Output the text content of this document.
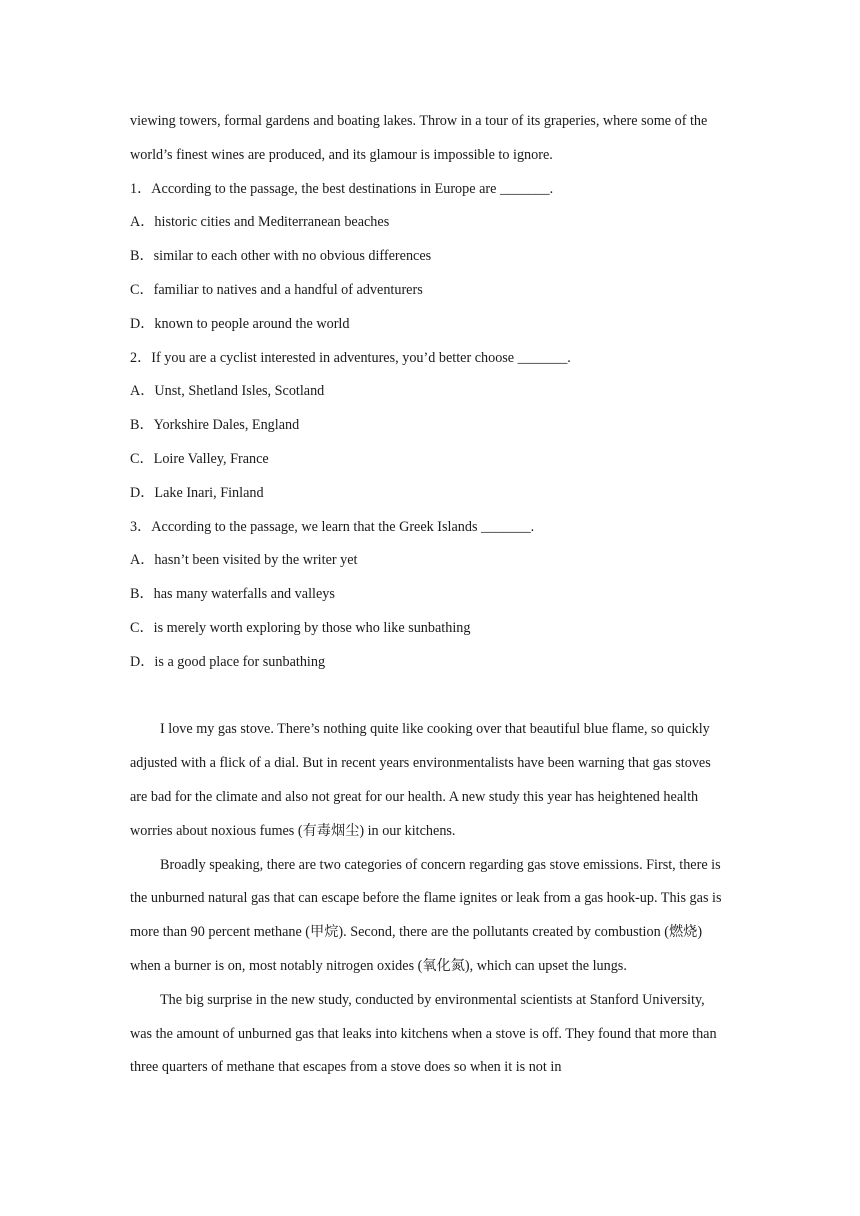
viewing towers, formal gardens and boating lakes. Throw in a tour of its graperies, where some of the world’s finest wines are produced, and its glamour is impossible to ignore.

1．According to the passage, the best destinations in Europe are _______.

A．historic cities and Mediterranean beaches

B．similar to each other with no obvious differences

C．familiar to natives and a handful of adventurers

D．known to people around the world

2．If you are a cyclist interested in adventures, you’d better choose _______.

A．Unst, Shetland Isles, Scotland

B．Yorkshire Dales, England

C．Loire Valley, France

D．Lake Inari, Finland

3．According to the passage, we learn that the Greek Islands _______.

A．hasn’t been visited by the writer yet

B．has many waterfalls and valleys

C．is merely worth exploring by those who like sunbathing

D．is a good place for sunbathing

I love my gas stove. There’s nothing quite like cooking over that beautiful blue flame, so quickly adjusted with a flick of a dial. But in recent years environmentalists have been warning that gas stoves are bad for the climate and also not great for our health. A new study this year has heightened health worries about noxious fumes (有毒烟尘) in our kitchens.

Broadly speaking, there are two categories of concern regarding gas stove emissions. First, there is the unburned natural gas that can escape before the flame ignites or leak from a gas hook-up. This gas is more than 90 percent methane (甲烷). Second, there are the pollutants created by combustion (燃烧) when a burner is on, most notably nitrogen oxides (氧化氮), which can upset the lungs.

The big surprise in the new study, conducted by environmental scientists at Stanford University, was the amount of unburned gas that leaks into kitchens when a stove is off. They found that more than three quarters of methane that escapes from a stove does so when it is not in
